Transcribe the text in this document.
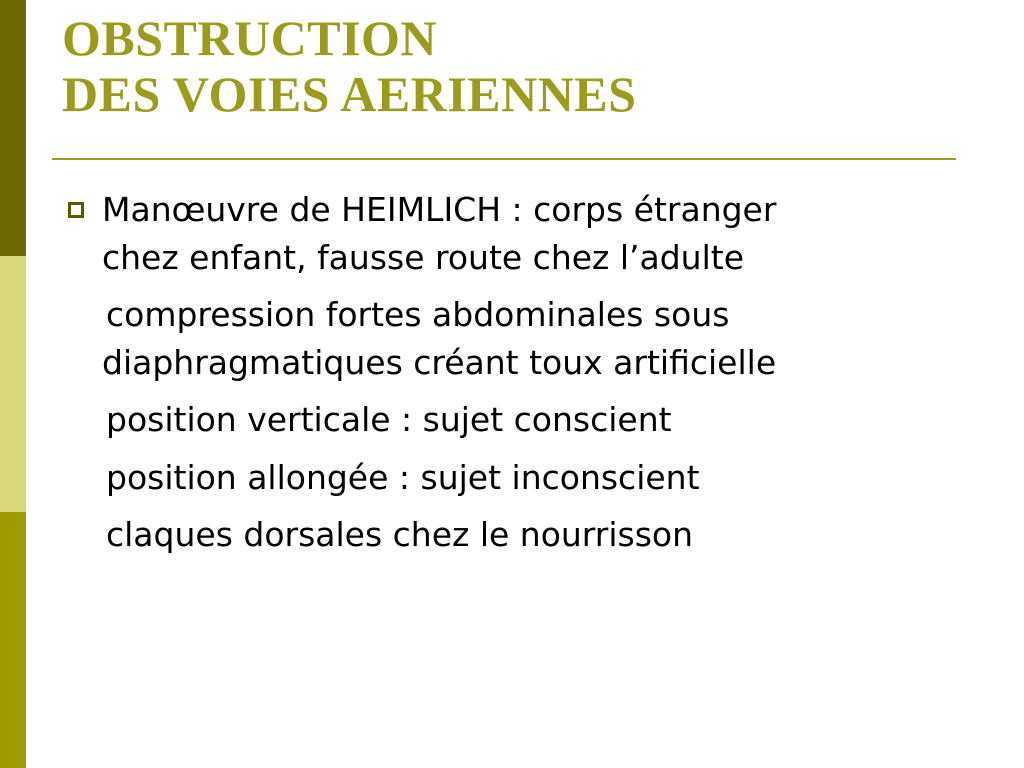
OBSTRUCTION
DES VOIES AERIENNES
Manœuvre de HEIMLICH : corps étranger
chez enfant, fausse route chez l’adulte
compression fortes abdominales sous
diaphragmatiques créant toux artificielle
position verticale : sujet conscient
position allongée : sujet inconscient
claques dorsales chez le nourrisson
